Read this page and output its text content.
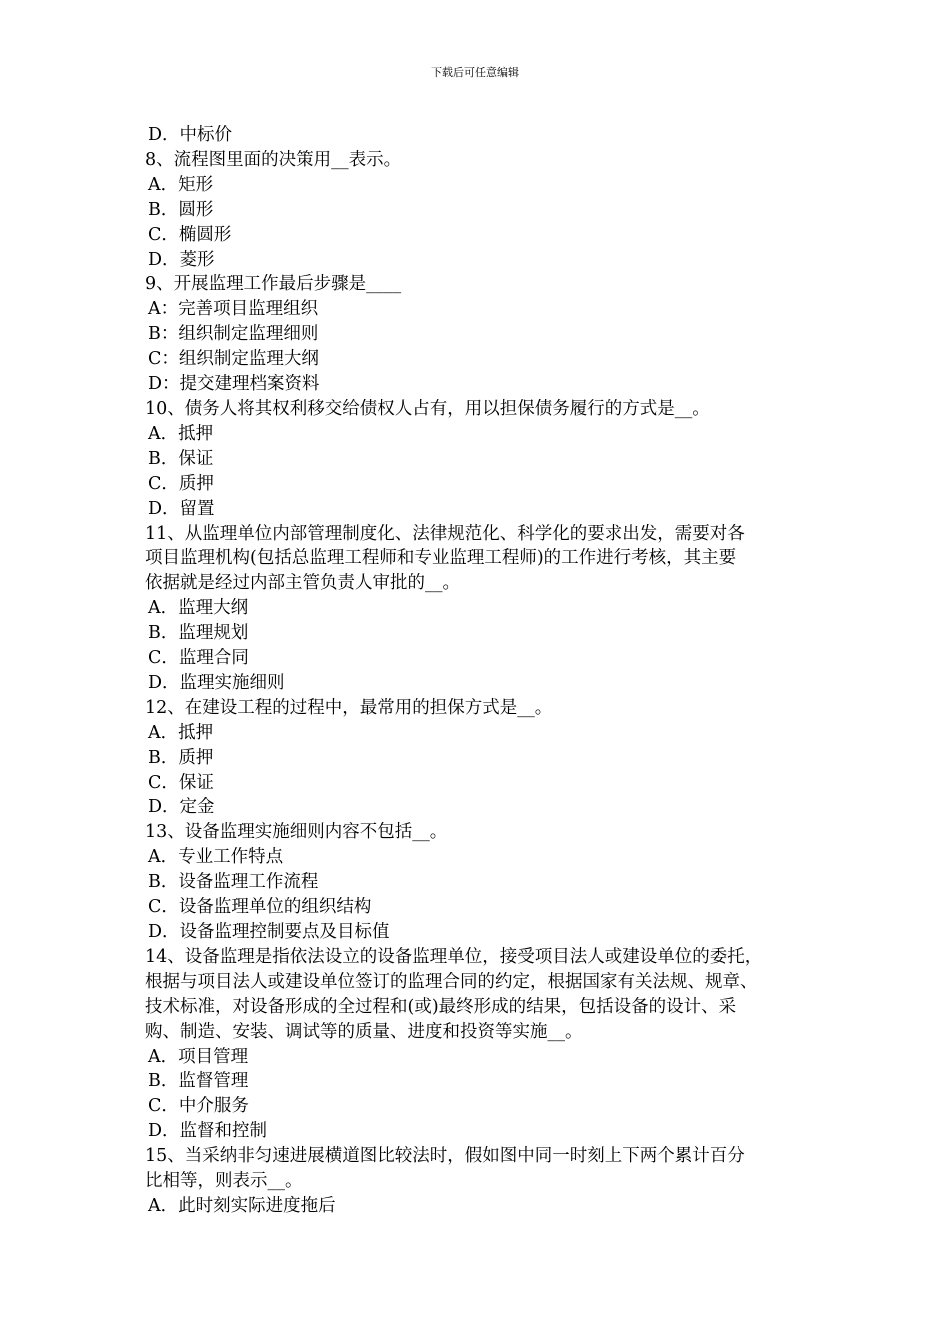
下载后可任意编辑
D．中标价
8、流程图里面的决策用__表示。
A．矩形
B．圆形
C．椭圆形
D．菱形
9、开展监理工作最后步骤是____
A：完善项目监理组织
B：组织制定监理细则
C：组织制定监理大纲
D：提交建理档案资料
10、债务人将其权利移交给债权人占有，用以担保债务履行的方式是__。
A．抵押
B．保证
C．质押
D．留置
11、从监理单位内部管理制度化、法律规范化、科学化的要求出发，需要对各
项目监理机构(包括总监理工程师和专业监理工程师)的工作进行考核，其主要
依据就是经过内部主管负责人审批的__。
A．监理大纲
B．监理规划
C．监理合同
D．监理实施细则
12、在建设工程的过程中，最常用的担保方式是__。
A．抵押
B．质押
C．保证
D．定金
13、设备监理实施细则内容不包括__。
A．专业工作特点
B．设备监理工作流程
C．设备监理单位的组织结构
D．设备监理控制要点及目标值
14、设备监理是指依法设立的设备监理单位，接受项目法人或建设单位的委托，
根据与项目法人或建设单位签订的监理合同的约定，根据国家有关法规、规章、
技术标准，对设备形成的全过程和(或)最终形成的结果，包括设备的设计、采
购、制造、安装、调试等的质量、进度和投资等实施__。
A．项目管理
B．监督管理
C．中介服务
D．监督和控制
15、当采纳非匀速进展横道图比较法时，假如图中同一时刻上下两个累计百分
比相等，则表示__。
A．此时刻实际进度拖后
